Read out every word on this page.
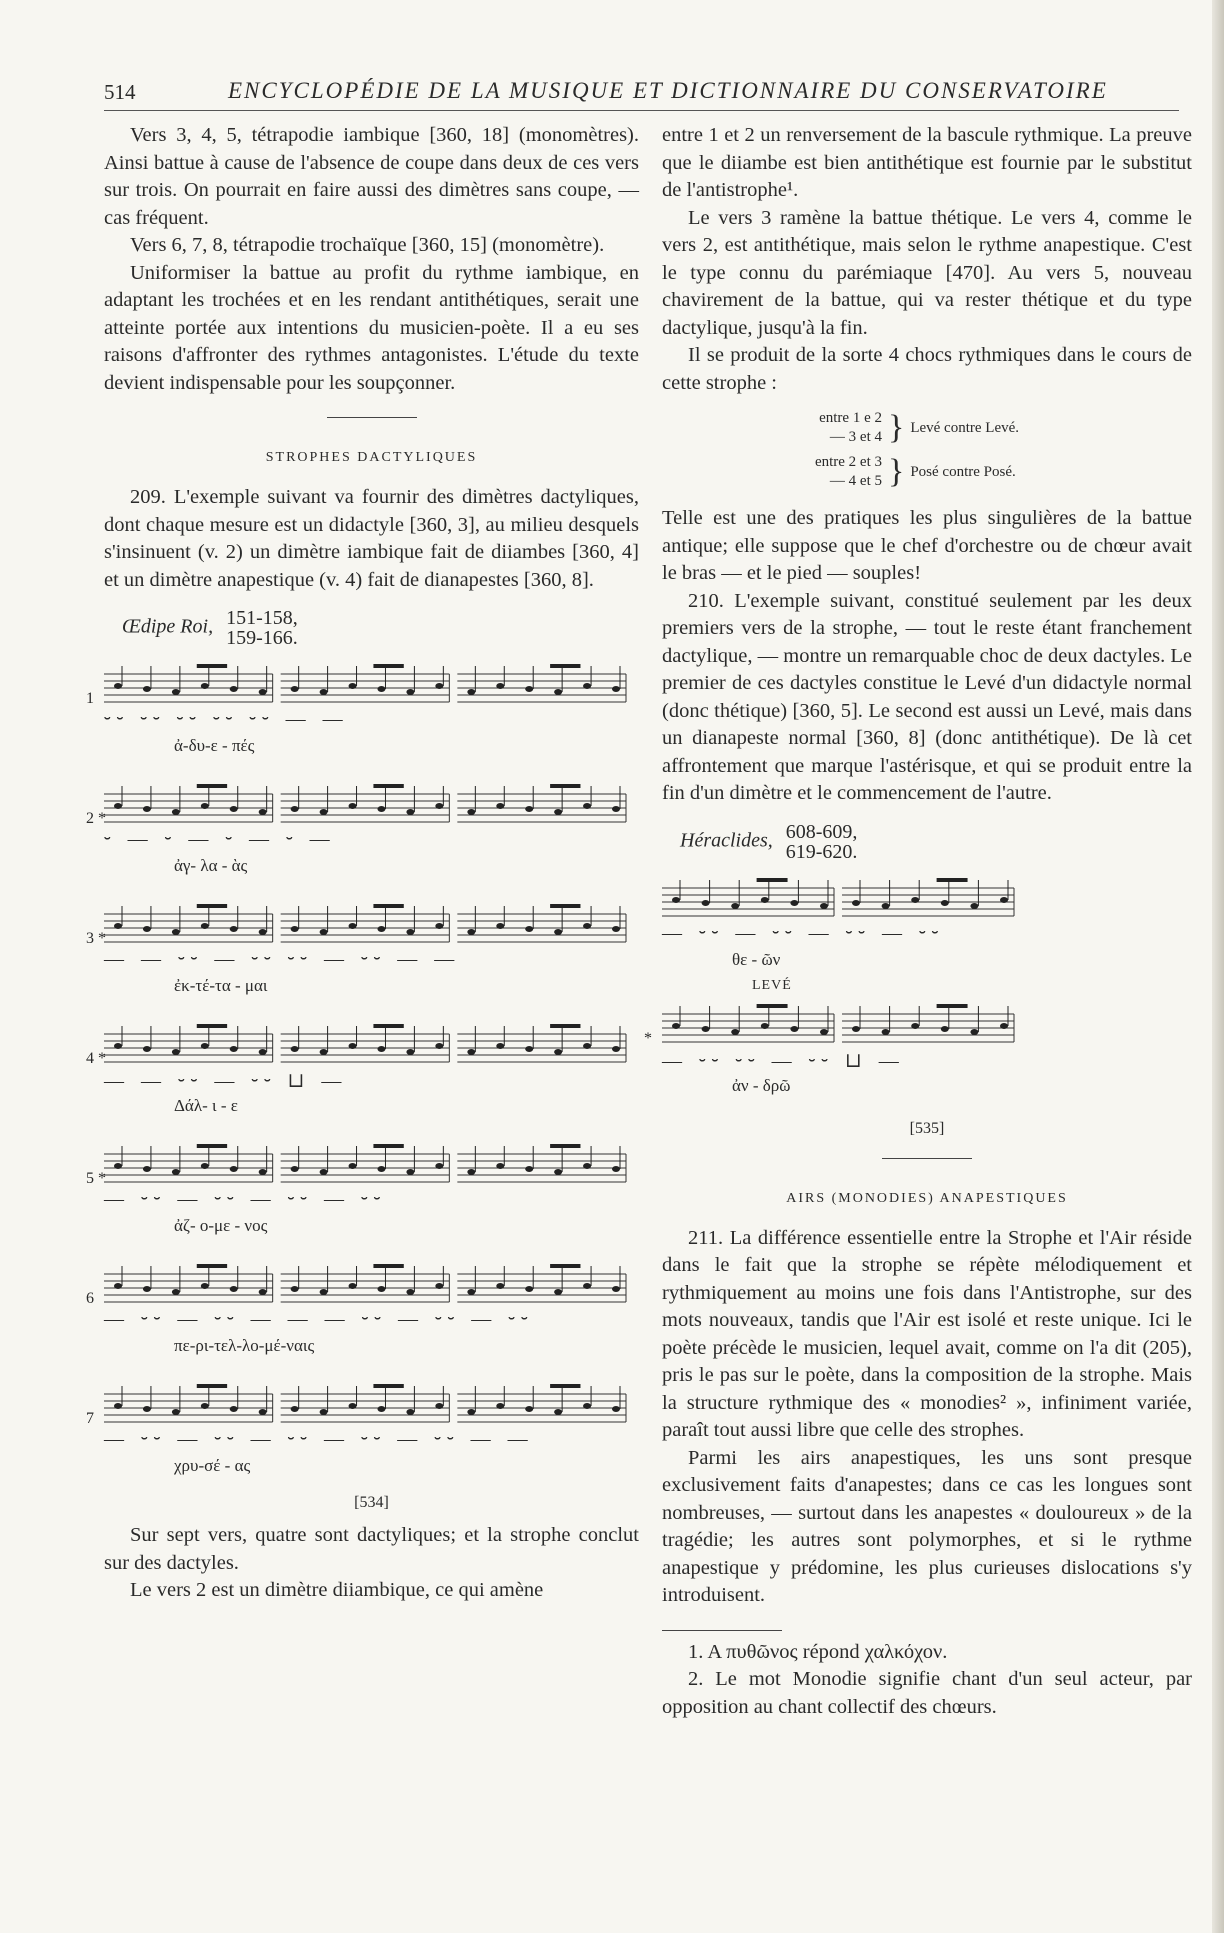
514	ENCYCLOPÉDIE DE LA MUSIQUE ET DICTIONNAIRE DU CONSERVATOIRE

Vers 3, 4, 5, tétrapodie iambique [360, 18] (monomètres). Ainsi battue à cause de l'absence de coupe dans deux de ces vers sur trois. On pourrait en faire aussi des dimètres sans coupe, — cas fréquent.

Vers 6, 7, 8, tétrapodie trochaïque [360, 15] (monomètre).

Uniformiser la battue au profit du rythme iambique, en adaptant les trochées et en les rendant antithétiques, serait une atteinte portée aux intentions du musicien-poète. Il a eu ses raisons d'affronter des rythmes antagonistes. L'étude du texte devient indispensable pour les soupçonner.

STROPHES DACTYLIQUES

209. L'exemple suivant va fournir des dimètres dactyliques, dont chaque mesure est un didactyle [360, 3], au milieu desquels s'insinuent (v. 2) un dimètre iambique fait de diiambes [360, 4] et un dimètre anapestique (v. 4) fait de dianapestes [360, 8].

Œdipe Roi, 151-158,
159-166.
1
⏑⏑ ⏑⏑ ⏑⏑ ⏑⏑ ⏑⏑ — —
ἀ-δυ-ε - πές
2 *
⏑ — ⏑ — ⏑ — ⏑ —
ἀγ- λα - ὰς
3 *
— — ⏑⏑ — ⏑⏑ ⏑⏑ — ⏑⏑ — —
ἐκ-τέ-τα - μαι
4 *
— — ⏑⏑ — ⏑⏑ ⊔ —
Δάλ- ι - ε
5 *
— ⏑⏑ — ⏑⏑ — ⏑⏑ — ⏑⏑
ἀζ- ο-με - νος
6
— ⏑⏑ — ⏑⏑ — — — ⏑⏑ — ⏑⏑ — ⏑⏑
πε-ρι-τελ-λο-μέ-ναις
7
— ⏑⏑ — ⏑⏑ — ⏑⏑ — ⏑⏑ — ⏑⏑ — —
χρυ-σέ - ας
[534]

Sur sept vers, quatre sont dactyliques; et la strophe conclut sur des dactyles.

Le vers 2 est un dimètre diiambique, ce qui amène

entre 1 et 2 un renversement de la bascule rythmique. La preuve que le diiambe est bien antithétique est fournie par le substitut de l'antistrophe¹.

Le vers 3 ramène la battue thétique. Le vers 4, comme le vers 2, est antithétique, mais selon le rythme anapestique. C'est le type connu du parémiaque [470]. Au vers 5, nouveau chavirement de la battue, qui va rester thétique et du type dactylique, jusqu'à la fin.

Il se produit de la sorte 4 chocs rythmiques dans le cours de cette strophe :

entre 1 e 2
— 3 et 4 } Levé contre Levé.
entre 2 et 3
— 4 et 5 } Posé contre Posé.

Telle est une des pratiques les plus singulières de la battue antique; elle suppose que le chef d'orchestre ou de chœur avait le bras — et le pied — souples!

210. L'exemple suivant, constitué seulement par les deux premiers vers de la strophe, — tout le reste étant franchement dactylique, — montre un remarquable choc de deux dactyles. Le premier de ces dactyles constitue le Levé d'un didactyle normal (donc thétique) [360, 5]. Le second est aussi un Levé, mais dans un dianapeste normal [360, 8] (donc antithétique). De là cet affrontement que marque l'astérisque, et qui se produit entre la fin d'un dimètre et le commencement de l'autre.

Héraclides, 608-609,
619-620.
— ⏑⏑ — ⏑⏑ — ⏑⏑ — ⏑⏑
θε - ῶν
*
— ⏑⏑ ⏑⏑ — ⏑⏑ ⊔ —
ἀν - δρῶ
LEVÉ
[535]
AIRS (MONODIES) ANAPESTIQUES

211. La différence essentielle entre la Strophe et l'Air réside dans le fait que la strophe se répète mélodiquement et rythmiquement au moins une fois dans l'Antistrophe, sur des mots nouveaux, tandis que l'Air est isolé et reste unique. Ici le poète précède le musicien, lequel avait, comme on l'a dit (205), pris le pas sur le poète, dans la composition de la strophe. Mais la structure rythmique des « monodies² », infiniment variée, paraît tout aussi libre que celle des strophes.

Parmi les airs anapestiques, les uns sont presque exclusivement faits d'anapestes; dans ce cas les longues sont nombreuses, — surtout dans les anapestes « douloureux » de la tragédie; les autres sont polymorphes, et si le rythme anapestique y prédomine, les plus curieuses dislocations s'y introduisent.

1. A πυθῶνος répond χαλκόχον.

2. Le mot Monodie signifie chant d'un seul acteur, par opposition au chant collectif des chœurs.
